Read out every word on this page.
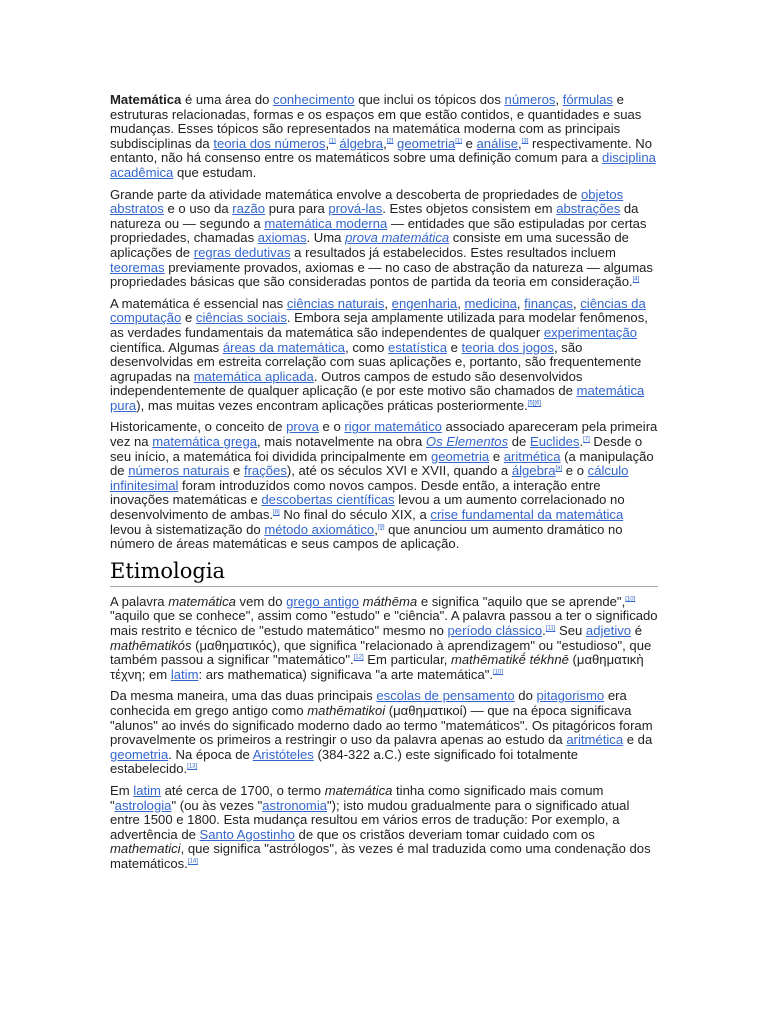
Matemática é uma área do conhecimento que inclui os tópicos dos números, fórmulas e estruturas relacionadas, formas e os espaços em que estão contidos, e quantidades e suas mudanças. Esses tópicos são representados na matemática moderna com as principais subdisciplinas da teoria dos números,[1] álgebra,[2] geometria[1] e análise,[3] respectivamente. No entanto, não há consenso entre os matemáticos sobre uma definição comum para a disciplina acadêmica que estudam.

Grande parte da atividade matemática envolve a descoberta de propriedades de objetos abstratos e o uso da razão pura para prová-las. Estes objetos consistem em abstrações da natureza ou — segundo a matemática moderna — entidades que são estipuladas por certas propriedades, chamadas axiomas. Uma prova matemática consiste em uma sucessão de aplicações de regras dedutivas a resultados já estabelecidos. Estes resultados incluem teoremas previamente provados, axiomas e — no caso de abstração da natureza — algumas propriedades básicas que são consideradas pontos de partida da teoria em consideração.[4]

A matemática é essencial nas ciências naturais, engenharia, medicina, finanças, ciências da computação e ciências sociais. Embora seja amplamente utilizada para modelar fenômenos, as verdades fundamentais da matemática são independentes de qualquer experimentação científica. Algumas áreas da matemática, como estatística e teoria dos jogos, são desenvolvidas em estreita correlação com suas aplicações e, portanto, são frequentemente agrupadas na matemática aplicada. Outros campos de estudo são desenvolvidos independentemente de qualquer aplicação (e por este motivo são chamados de matemática pura), mas muitas vezes encontram aplicações práticas posteriormente.[5][6]

Historicamente, o conceito de prova e o rigor matemático associado apareceram pela primeira vez na matemática grega, mais notavelmente na obra Os Elementos de Euclides.[7] Desde o seu início, a matemática foi dividida principalmente em geometria e aritmética (a manipulação de números naturais e frações), até os séculos XVI e XVII, quando a álgebra[a] e o cálculo infinitesimal foram introduzidos como novos campos. Desde então, a interação entre inovações matemáticas e descobertas científicas levou a um aumento correlacionado no desenvolvimento de ambas.[8] No final do século XIX, a crise fundamental da matemática levou à sistematização do método axiomático,[9] que anunciou um aumento dramático no número de áreas matemáticas e seus campos de aplicação.

Etimologia

A palavra matemática vem do grego antigo máthēma e significa "aquilo que se aprende",[10] "aquilo que se conhece", assim como "estudo" e "ciência". A palavra passou a ter o significado mais restrito e técnico de "estudo matemático" mesmo no período clássico.[11] Seu adjetivo é mathēmatikós (μαθηματικός), que significa "relacionado à aprendizagem" ou "estudioso", que também passou a significar "matemático".[12] Em particular, mathēmatikḗ tékhnē (μαθηματικὴ τέχνη; em latim: ars mathematica) significava "a arte matemática".[10]

Da mesma maneira, uma das duas principais escolas de pensamento do pitagorismo era conhecida em grego antigo como mathēmatikoi (μαθηματικοί) — que na época significava "alunos" ao invés do significado moderno dado ao termo "matemáticos". Os pitagóricos foram provavelmente os primeiros a restringir o uso da palavra apenas ao estudo da aritmética e da geometria. Na época de Aristóteles (384-322 a.C.) este significado foi totalmente estabelecido.[13]

Em latim até cerca de 1700, o termo matemática tinha como significado mais comum "astrologia" (ou às vezes "astronomia"); isto mudou gradualmente para o significado atual entre 1500 e 1800. Esta mudança resultou em vários erros de tradução: Por exemplo, a advertência de Santo Agostinho de que os cristãos deveriam tomar cuidado com os mathematici, que significa "astrólogos", às vezes é mal traduzida como uma condenação dos matemáticos.[14]
